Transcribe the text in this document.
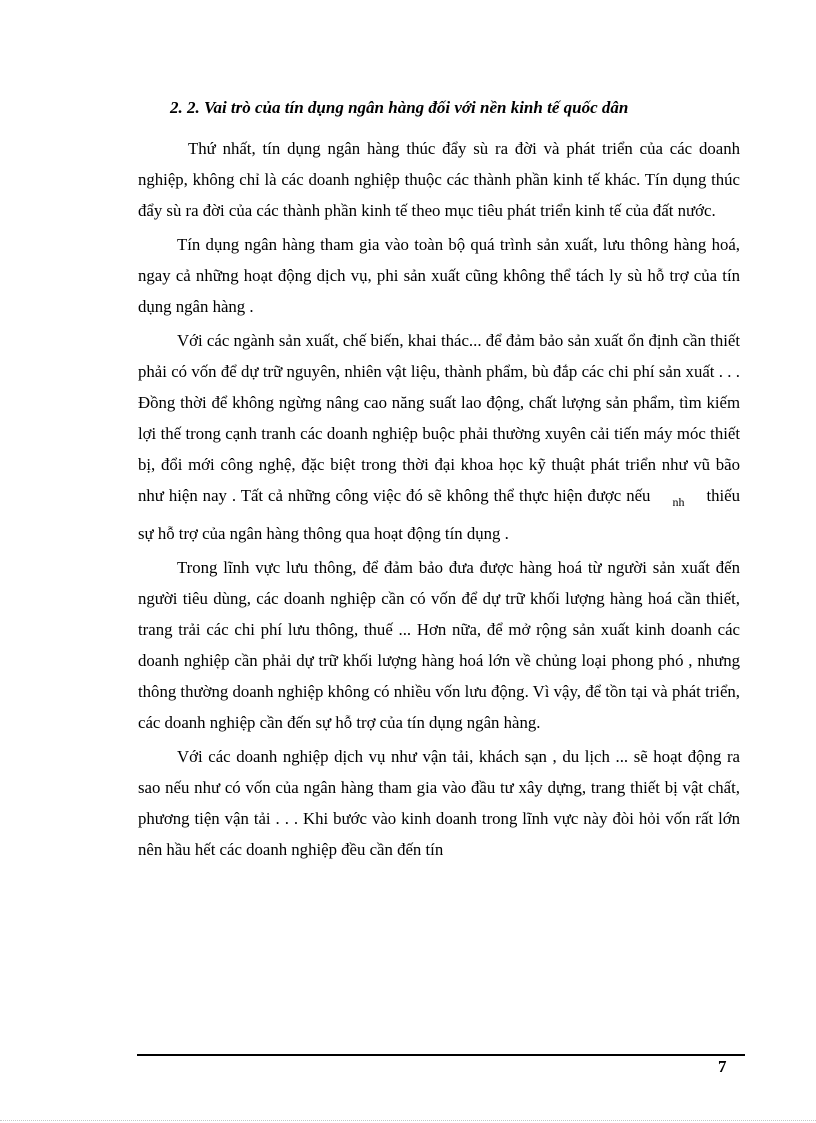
2. 2. Vai trò của tín dụng ngân hàng đối với nền kinh tế quốc dân

Thứ nhất, tín dụng ngân hàng thúc đẩy sù ra đời và phát triển của các doanh nghiệp, không chỉ là các doanh nghiệp thuộc các thành phần kinh tế khác. Tín dụng thúc đẩy sù ra đời của các thành phần kinh tế theo mục tiêu phát triển kinh tế của đất nước.

Tín dụng ngân hàng tham gia vào toàn bộ quá trình sản xuất, lưu thông hàng hoá, ngay cả những hoạt động dịch vụ, phi sản xuất cũng không thể tách ly sù hỗ trợ của tín dụng ngân hàng .

Với các ngành sản xuất, chế biến, khai thác... để đảm bảo sản xuất ổn định cần thiết phải có vốn để dự trữ nguyên, nhiên vật liệu, thành phẩm, bù đắp các chi phí sản xuất . . . Đồng thời để không ngừng nâng cao năng suất lao động, chất lượng sản phẩm, tìm kiếm lợi thế trong cạnh tranh các doanh nghiệp buộc phải thường xuyên cải tiến máy móc thiết bị, đổi mới công nghệ, đặc biệt trong thời đại khoa học kỹ thuật phát triển như vũ bão như hiện nay . Tất cả những công việc đó sẽ không thể thực hiện được nếu $_{nh}$ thiếu sự hỗ trợ của ngân hàng thông qua hoạt động tín dụng .

Trong lĩnh vực lưu thông, để đảm bảo đưa được hàng hoá từ người sản xuất đến người tiêu dùng, các doanh nghiệp cần có vốn để dự trữ khối lượng hàng hoá cần thiết, trang trải các chi phí lưu thông, thuế ... Hơn nữa, để mở rộng sản xuất kinh doanh các doanh nghiệp cần phải dự trữ khối lượng hàng hoá lớn về chủng loại phong phó , nhưng thông thường doanh nghiệp không có nhiều vốn lưu động. Vì vậy, để tồn tại và phát triển, các doanh nghiệp cần đến sự hỗ trợ của tín dụng ngân hàng.

Với các doanh nghiệp dịch vụ như vận tải, khách sạn , du lịch ... sẽ hoạt động ra sao nếu như có vốn của ngân hàng tham gia vào đầu tư xây dựng, trang thiết bị vật chất, phương tiện vận tải . . . Khi bước vào kinh doanh trong lĩnh vực này đòi hỏi vốn rất lớn nên hầu hết các doanh nghiệp đều cần đến tín

7
